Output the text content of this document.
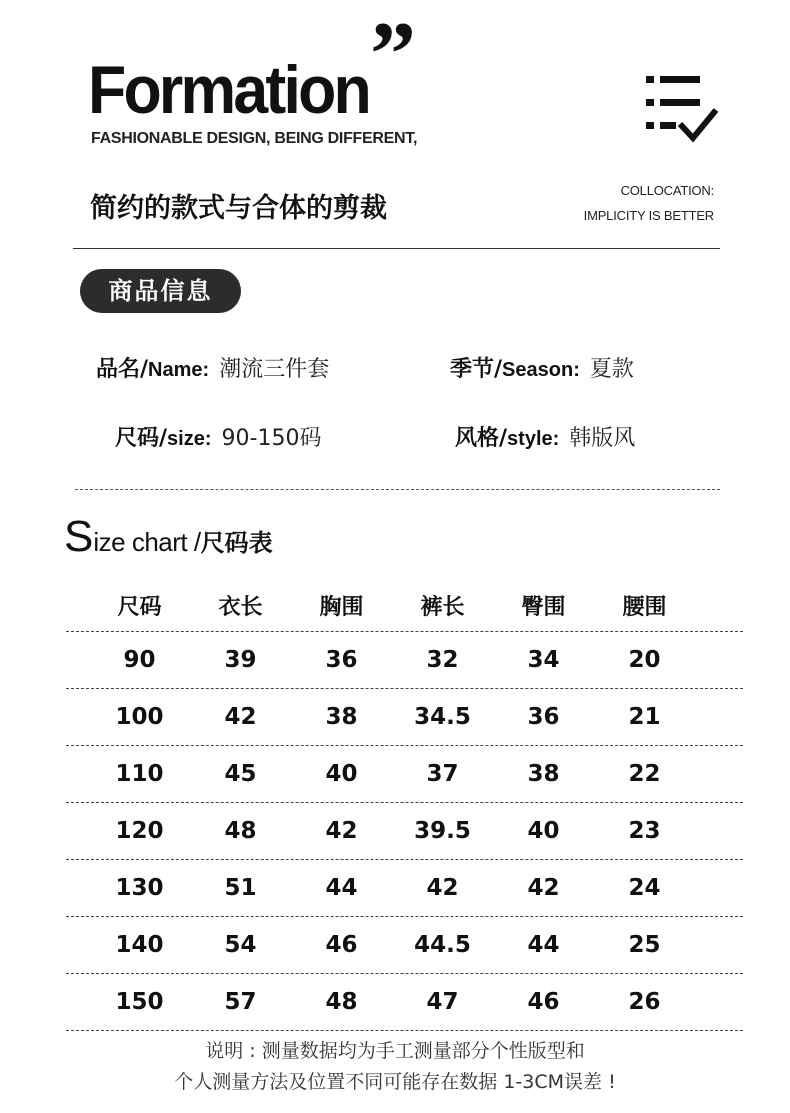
Formation ”
FASHIONABLE DESIGN, BEING DIFFERENT,
简约的款式与合体的剪裁
COLLOCATION:
IMPLICITY IS BETTER
商品信息
品名/Name: 潮流三件套	季节/Season: 夏款
尺码/size: 90-150码	风格/style: 韩版风
Size chart /尺码表
尺码	衣长	胸围	裤长	臀围	腰围
90	39	36	32	34	20
100	42	38	34.5	36	21
110	45	40	37	38	22
120	48	42	39.5	40	23
130	51	44	42	42	24
140	54	46	44.5	44	25
150	57	48	47	46	26
说明 : 测量数据均为手工测量部分个性版型和
个人测量方法及位置不同可能存在数据 1-3CM误差 !
